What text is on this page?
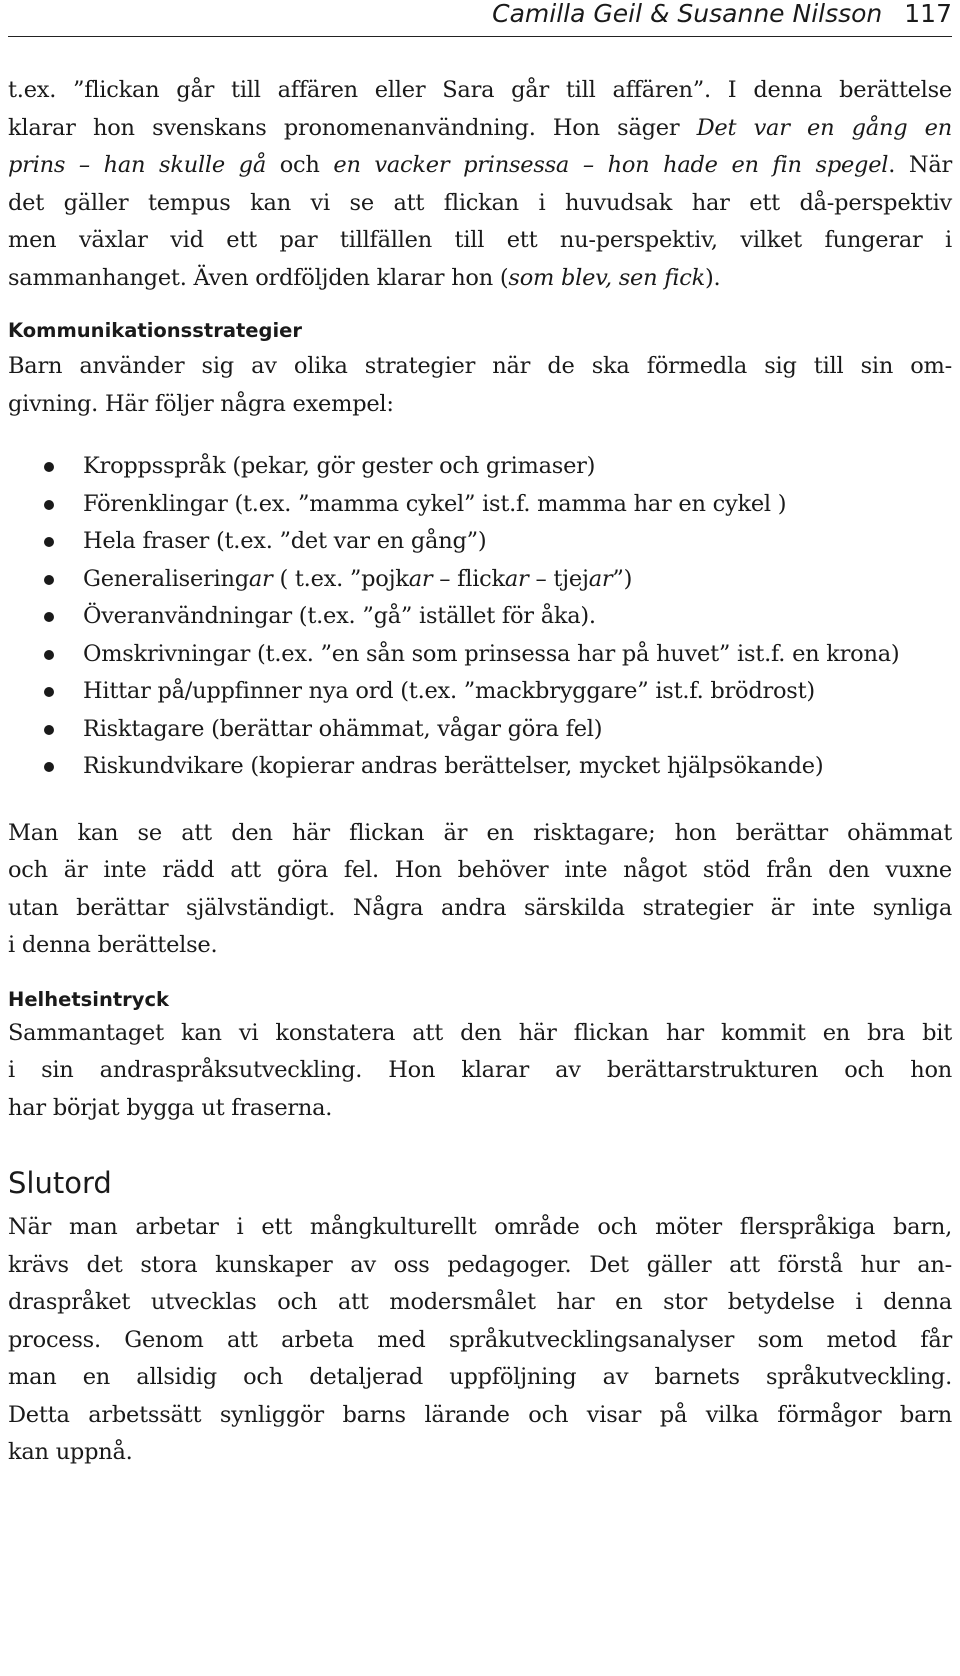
Camilla Geil & Susanne Nilsson 117
t.ex. ”flickan går till affären eller Sara går till affären”. I denna berättelse
klarar hon svenskans pronomenanvändning. Hon säger Det var en gång en
prins – han skulle gå och en vacker prinsessa – hon hade en fin spegel. När
det gäller tempus kan vi se att flickan i huvudsak har ett då-perspektiv
men växlar vid ett par tillfällen till ett nu-perspektiv, vilket fungerar i
sammanhanget. Även ordföljden klarar hon (som blev, sen fick).
Kommunikationsstrategier
Barn använder sig av olika strategier när de ska förmedla sig till sin om-
givning. Här följer några exempel:
Kroppsspråk (pekar, gör gester och grimaser)
Förenklingar (t.ex. ”mamma cykel” ist.f. mamma har en cykel )
Hela fraser (t.ex. ”det var en gång”)
Generaliseringar ( t.ex. ”pojkar – flickar – tjejar”)
Överanvändningar (t.ex. ”gå” istället för åka).
Omskrivningar (t.ex. ”en sån som prinsessa har på huvet” ist.f. en krona)
Hittar på/uppfinner nya ord (t.ex. ”mackbryggare” ist.f. brödrost)
Risktagare (berättar ohämmat, vågar göra fel)
Riskundvikare (kopierar andras berättelser, mycket hjälpsökande)
Man kan se att den här flickan är en risktagare; hon berättar ohämmat
och är inte rädd att göra fel. Hon behöver inte något stöd från den vuxne
utan berättar självständigt. Några andra särskilda strategier är inte synliga
i denna berättelse.
Helhetsintryck
Sammantaget kan vi konstatera att den här flickan har kommit en bra bit
i sin andraspråksutveckling. Hon klarar av berättarstrukturen och hon
har börjat bygga ut fraserna.
Slutord
När man arbetar i ett mångkulturellt område och möter flerspråkiga barn,
krävs det stora kunskaper av oss pedagoger. Det gäller att förstå hur an-
draspråket utvecklas och att modersmålet har en stor betydelse i denna
process. Genom att arbeta med språkutvecklingsanalyser som metod får
man en allsidig och detaljerad uppföljning av barnets språkutveckling.
Detta arbetssätt synliggör barns lärande och visar på vilka förmågor barn
kan uppnå.
